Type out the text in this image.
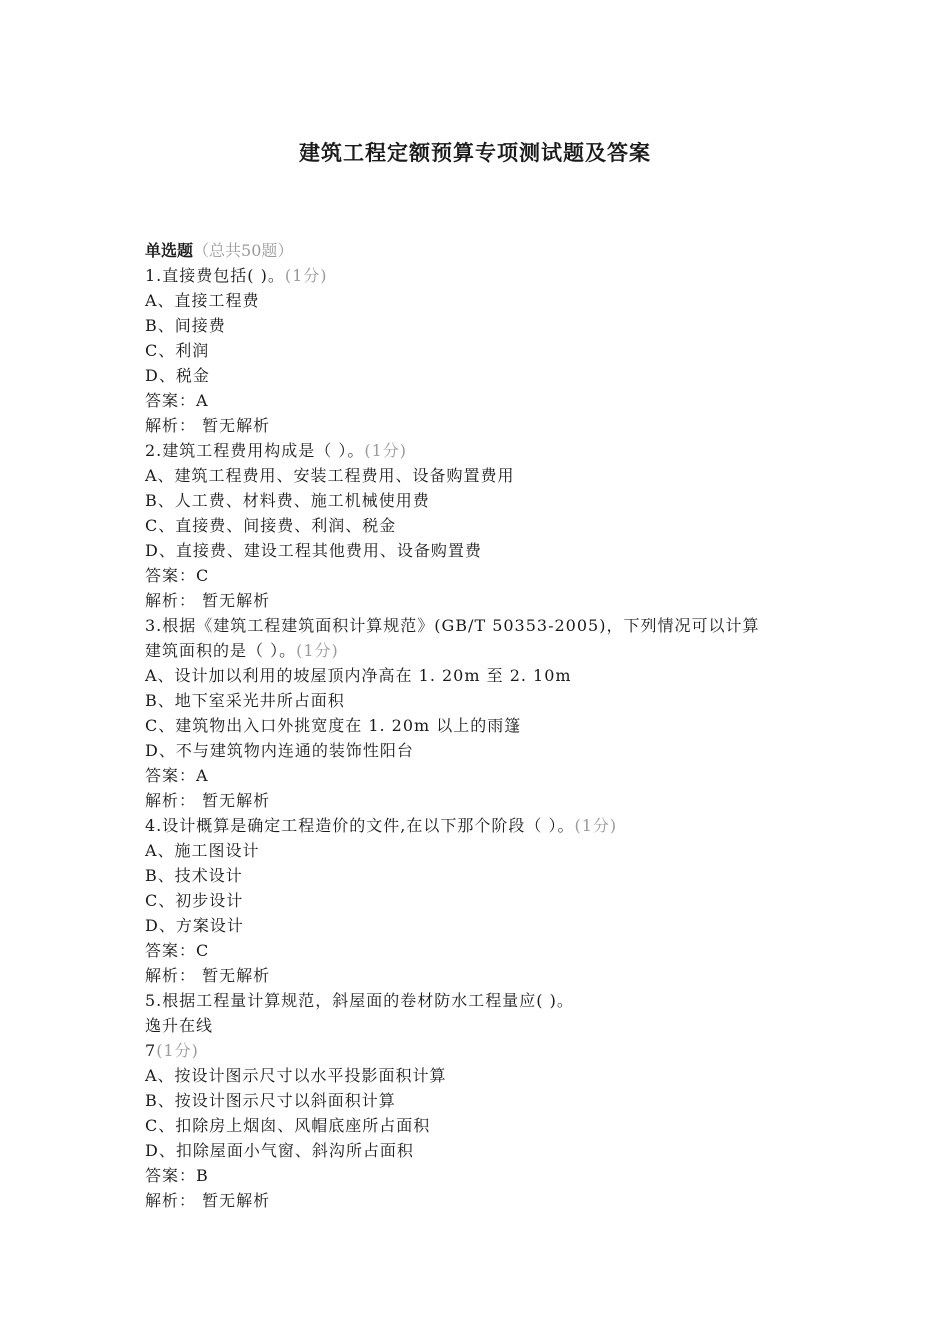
建筑工程定额预算专项测试题及答案
单选题（总共50题）
1.直接费包括( )。(1分)
A、直接工程费
B、间接费
C、利润
D、税金
答案：A
解析： 暂无解析
2.建筑工程费用构成是（ ）。(1分)
A、建筑工程费用、安装工程费用、设备购置费用
B、人工费、材料费、施工机械使用费
C、直接费、间接费、利润、税金
D、直接费、建设工程其他费用、设备购置费
答案：C
解析： 暂无解析
3.根据《建筑工程建筑面积计算规范》(GB/T 50353-2005)，下列情况可以计算
建筑面积的是（ ）。(1分)
A、设计加以利用的坡屋顶内净高在 1. 20m 至 2. 10m
B、地下室采光井所占面积
C、建筑物出入口外挑宽度在 1. 20m 以上的雨篷
D、不与建筑物内连通的装饰性阳台
答案：A
解析： 暂无解析
4.设计概算是确定工程造价的文件,在以下那个阶段（ ）。(1分)
A、施工图设计
B、技术设计
C、初步设计
D、方案设计
答案：C
解析： 暂无解析
5.根据工程量计算规范，斜屋面的卷材防水工程量应( )。
逸升在线
7(1分)
A、按设计图示尺寸以水平投影面积计算
B、按设计图示尺寸以斜面积计算
C、扣除房上烟囱、风帽底座所占面积
D、扣除屋面小气窗、斜沟所占面积
答案：B
解析： 暂无解析
